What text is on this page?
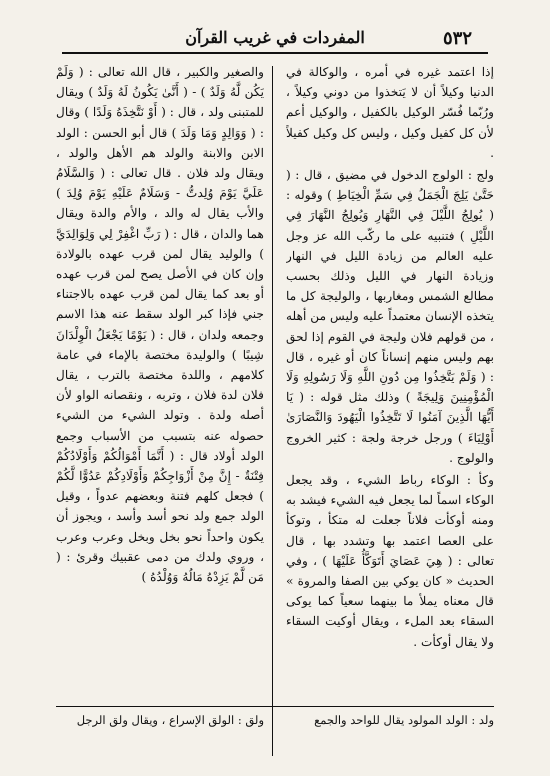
٥٣٢
المفردات في غريب القرآن

إذا اعتمد غيره في أمره ، والوكالة في الدنيا وكيلاً أن لا يَتخذوا من دوني وكيلاً ، ورُبّما فُسّر الوكيل بالكفيل ، والوكيل أعم لأن كل كفيل وكيل ، وليس كل وكيل كفيلاً .

ولج : الولوج الدخول في مضيق ، قال : ( حَتَّىٰ يَلِجَ الْجَمَلُ فِي سَمِّ الْخِيَاطِ ) وقوله : ( يُولِجُ اللَّيْلَ فِي النَّهَارِ وَيُولِجُ النَّهَارَ فِي اللَّيْلِ ) فتنبيه على ما ركّب الله عز وجل عليه العالم من زيادة الليل في النهار وزيادة النهار في الليل وذلك بحسب مطالع الشمس ومغاربها ، والوليجة كل ما يتخذه الإنسان معتمداً عليه وليس من أهله ، من قولهم فلان وليجة في القوم إذا لحق بهم وليس منهم إنساناً كان أو غيره ، قال : ( وَلَمْ يَتَّخِذُوا مِن دُونِ اللَّهِ وَلَا رَسُولِهِ وَلَا الْمُؤْمِنِينَ وَلِيجَةً ) وذلك مثل قوله : ( يَا أَيُّهَا الَّذِينَ آمَنُوا لَا تَتَّخِذُوا الْيَهُودَ وَالنَّصَارَىٰ أَوْلِيَاءَ ) ورجل خرجة ولجة : كثير الخروج والولوج .

وكأ : الوكاء رباط الشيء ، وقد يجعل الوكاء اسماً لما يجعل فيه الشيء فيشد به ومنه أوكأت فلاناً جعلت له متكأ ، وتوكأ على العصا اعتمد بها وتشدد بها ، قال تعالى : ( هِيَ عَصَايَ أَتَوَكَّأُ عَلَيْهَا ) ، وفي الحديث « كان يوكي بين الصفا والمروة » قال معناه يملأ ما بينهما سعياً كما يوكى السقاء بعد الملء ، ويقال أوكيت السقاء ولا يقال أوكأت .

والصغير والكبير ، قال الله تعالى : ( وَلَمْ يَكُن لَّهُ وَلَدٌ ) - ( أَنَّىٰ يَكُونُ لَهُ وَلَدٌ ) ويقال للمتبنى ولد ، قال : ( أَوْ نَتَّخِذَهُ وَلَدًا ) وقال : ( وَوَالِدٍ وَمَا وَلَدَ ) قال أبو الحسن : الولد الابن والابنة والولد هم الأهل والولد ، ويقال ولد فلان . قال تعالى : ( وَالسَّلَامُ عَلَيَّ يَوْمَ وُلِدتُّ - وَسَلَامٌ عَلَيْهِ يَوْمَ وُلِدَ ) والأب يقال له والد ، والأم والدة ويقال هما والدان ، قال : ( رَبِّ اغْفِرْ لِي وَلِوَالِدَيَّ ) والوليد يقال لمن قرب عهده بالولادة وإن كان في الأصل يصح لمن قرب عهده أو بعد كما يقال لمن قرب عهده بالاجتناء جني فإذا كبر الولد سقط عنه هذا الاسم وجمعه ولدان ، قال : ( يَوْمًا يَجْعَلُ الْوِلْدَانَ شِيبًا ) والوليدة مختصة بالإماء في عامة كلامهم ، واللدة مختصة بالترب ، يقال فلان لدة فلان ، وتربه ، ونقصانه الواو لأن أصله ولدة . وتولد الشيء من الشيء حصوله عنه بتسبب من الأسباب وجمع الولد أولاد قال : ( أَنَّمَا أَمْوَالُكُمْ وَأَوْلَادُكُمْ فِتْنَةٌ - إِنَّ مِنْ أَزْوَاجِكُمْ وَأَوْلَادِكُمْ عَدُوًّا لَّكُمْ ) فجعل كلهم فتنة وبعضهم عدواً ، وقيل الولد جمع ولد نحو أسد وأسد ، ويجوز أن يكون واحداً نحو بخل وبخل وعرب وعرب ، وروي ولدك من دمى عقبيك وقرئ : ( مَن لَّمْ يَزِدْهُ مَالُهُ وَوُلْدُهُ )

ولد : الولد المولود يقال للواحد والجمع
ولق : الولق الإسراع ، ويقال ولق الرجل
